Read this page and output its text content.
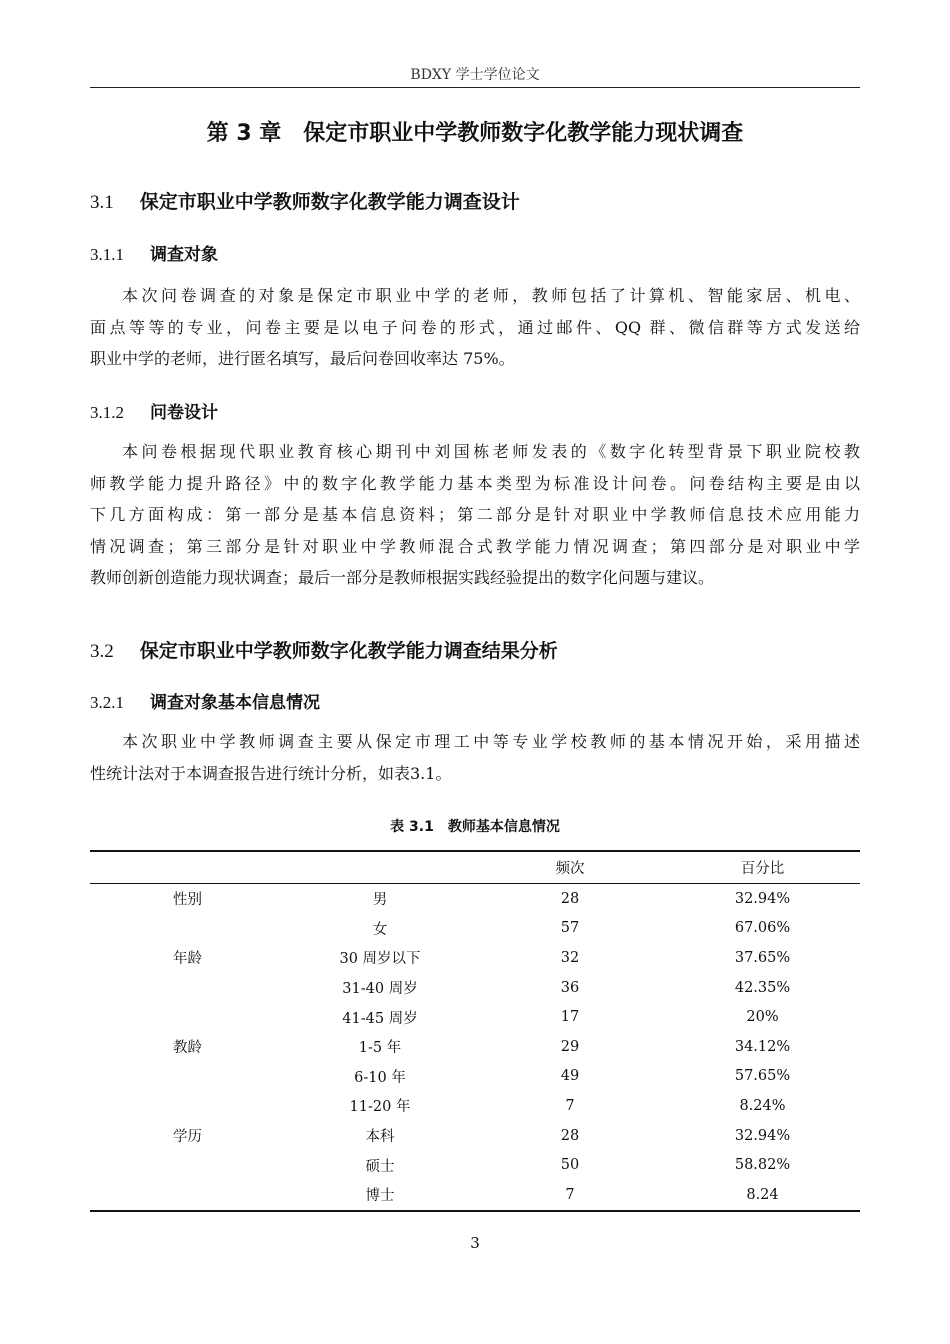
BDXY 学士学位论文
第 3 章　保定市职业中学教师数字化教学能力现状调查
3.1 保定市职业中学教师数字化教学能力调查设计
3.1.1 调查对象
本次问卷调查的对象是保定市职业中学的老师，教师包括了计算机、智能家居、机电、
面点等等的专业，问卷主要是以电子问卷的形式，通过邮件、QQ 群、微信群等方式发送给
职业中学的老师，进行匿名填写，最后问卷回收率达 75%。
3.1.2 问卷设计
本问卷根据现代职业教育核心期刊中刘国栋老师发表的《数字化转型背景下职业院校教
师教学能力提升路径》中的数字化教学能力基本类型为标准设计问卷。问卷结构主要是由以
下几方面构成：第一部分是基本信息资料；第二部分是针对职业中学教师信息技术应用能力
情况调查；第三部分是针对职业中学教师混合式教学能力情况调查；第四部分是对职业中学
教师创新创造能力现状调查；最后一部分是教师根据实践经验提出的数字化问题与建议。
3.2 保定市职业中学教师数字化教学能力调查结果分析
3.2.1 调查对象基本信息情况
本次职业中学教师调查主要从保定市理工中等专业学校教师的基本情况开始，采用描述
性统计法对于本调查报告进行统计分析，如表3.1。
表 3.1　教师基本信息情况
		频次	百分比
性别	男	28	32.94%
	女	57	67.06%
年龄	30 周岁以下	32	37.65%
	31-40 周岁	36	42.35%
	41-45 周岁	17	20%
教龄	1-5 年	29	34.12%
	6-10 年	49	57.65%
	11-20 年	7	8.24%
学历	本科	28	32.94%
	硕士	50	58.82%
	博士	7	8.24
3
